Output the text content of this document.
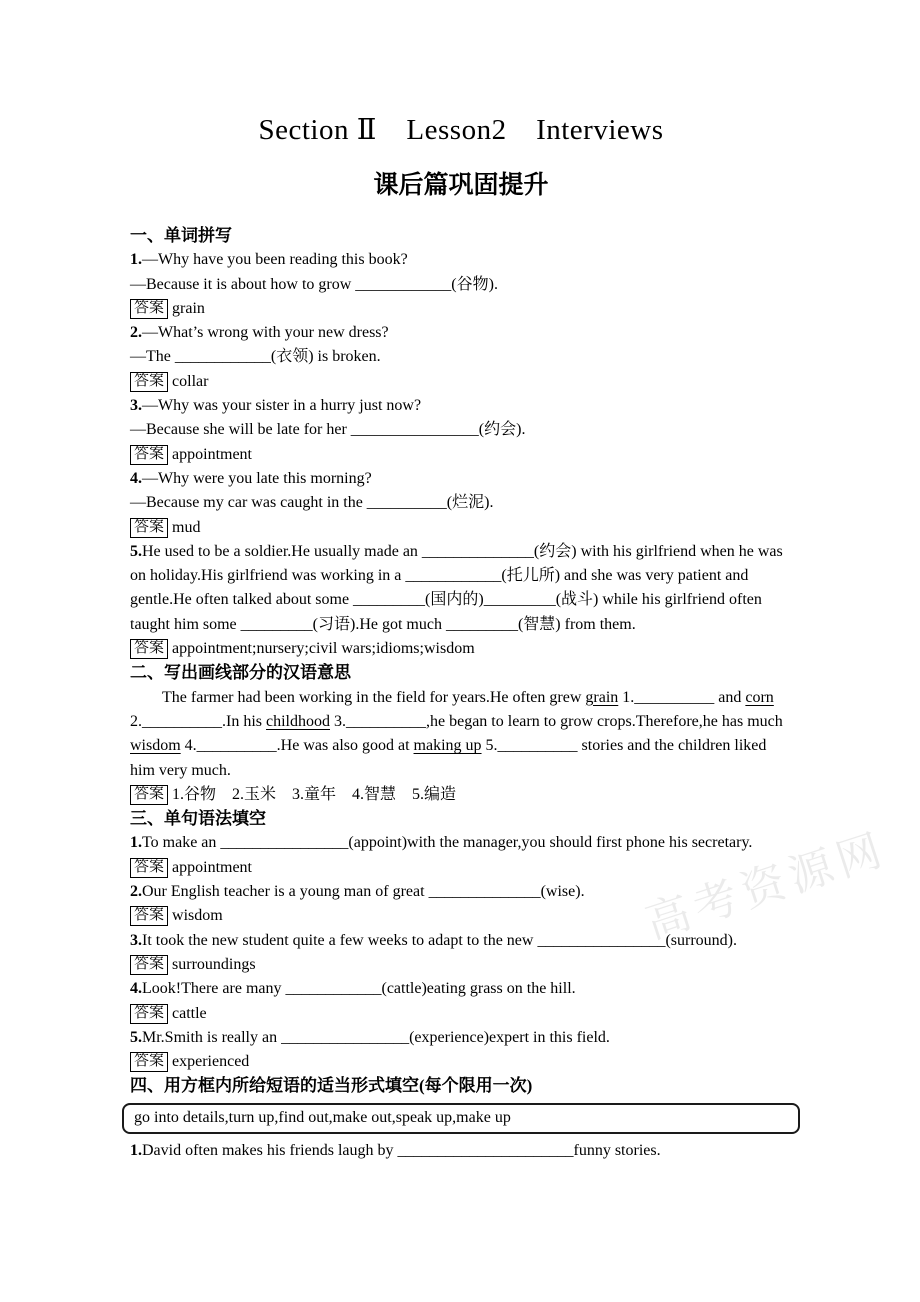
高考资源网
Section Ⅱ　Lesson2　Interviews
课后篇巩固提升
一、单词拼写
1.—Why have you been reading this book?
—Because it is about how to grow ____________(谷物).
答案 grain
2.—What’s wrong with your new dress?
—The ____________(衣领) is broken.
答案 collar
3.—Why was your sister in a hurry just now?
—Because she will be late for her ________________(约会).
答案 appointment
4.—Why were you late this morning?
—Because my car was caught in the __________(烂泥).
答案 mud
5.He used to be a soldier.He usually made an ______________(约会) with his girlfriend when he was on holiday.His girlfriend was working in a ____________(托儿所) and she was very patient and gentle.He often talked about some _________(国内的)_________(战斗) while his girlfriend often taught him some _________(习语).He got much _________(智慧) from them.
答案 appointment;nursery;civil wars;idioms;wisdom
二、写出画线部分的汉语意思
The farmer had been working in the field for years.He often grew grain 1.__________ and corn 2.__________.In his childhood 3.__________,he began to learn to grow crops.Therefore,he has much wisdom 4.__________.He was also good at making up 5.__________ stories and the children liked him very much.
答案 1.谷物　2.玉米　3.童年　4.智慧　5.编造
三、单句语法填空
1.To make an ________________(appoint)with the manager,you should first phone his secretary.
答案 appointment
2.Our English teacher is a young man of great ______________(wise).
答案 wisdom
3.It took the new student quite a few weeks to adapt to the new ________________(surround).
答案 surroundings
4.Look!There are many ____________(cattle)eating grass on the hill.
答案 cattle
5.Mr.Smith is really an ________________(experience)expert in this field.
答案 experienced
四、用方框内所给短语的适当形式填空(每个限用一次)
go into details,turn up,find out,make out,speak up,make up
1.David often makes his friends laugh by ______________________funny stories.
